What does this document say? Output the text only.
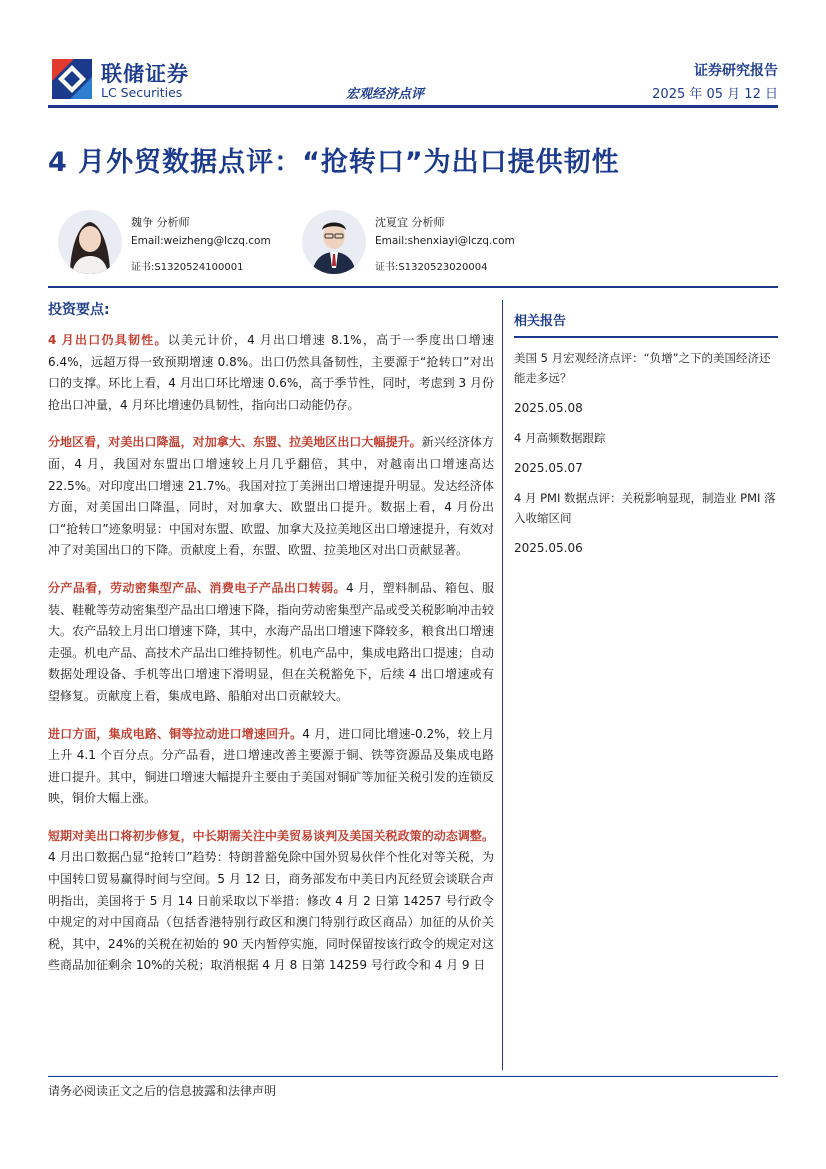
联储证券
LC Securities	宏观经济点评
证券研究报告
2025 年 05 月 12 日
4 月外贸数据点评：“抢转口”为出口提供韧性
魏争 分析师
Email:weizheng@lczq.com
证书:S1320524100001
沈夏宜 分析师
Email:shenxiayi@lczq.com
证书:S1320523020004
投资要点:

4 月出口仍具韧性。以美元计价，4 月出口增速 8.1%，高于一季度出口增速 6.4%，远超万得一致预期增速 0.8%。出口仍然具备韧性，主要源于“抢转口”对出口的支撑。环比上看，4 月出口环比增速 0.6%，高于季节性，同时，考虑到 3 月份抢出口冲量，4 月环比增速仍具韧性，指向出口动能仍存。

分地区看，对美出口降温，对加拿大、东盟、拉美地区出口大幅提升。新兴经济体方面，4 月，我国对东盟出口增速较上月几乎翻倍，其中，对越南出口增速高达 22.5%。对印度出口增速 21.7%。我国对拉丁美洲出口增速提升明显。发达经济体方面，对美国出口降温，同时，对加拿大、欧盟出口提升。数据上看，4 月份出口“抢转口”迹象明显：中国对东盟、欧盟、加拿大及拉美地区出口增速提升，有效对冲了对美国出口的下降。贡献度上看，东盟、欧盟、拉美地区对出口贡献显著。

分产品看，劳动密集型产品、消费电子产品出口转弱。4 月，塑料制品、箱包、服装、鞋靴等劳动密集型产品出口增速下降，指向劳动密集型产品或受关税影响冲击较大。农产品较上月出口增速下降，其中，水海产品出口增速下降较多，粮食出口增速走强。机电产品、高技术产品出口维持韧性。机电产品中，集成电路出口提速；自动数据处理设备、手机等出口增速下滑明显，但在关税豁免下，后续 4 出口增速或有望修复。贡献度上看，集成电路、船舶对出口贡献较大。

进口方面，集成电路、铜等拉动进口增速回升。4 月，进口同比增速-0.2%，较上月上升 4.1 个百分点。分产品看，进口增速改善主要源于铜、铁等资源品及集成电路进口提升。其中，铜进口增速大幅提升主要由于美国对铜矿等加征关税引发的连锁反映，铜价大幅上涨。

短期对美出口将初步修复，中长期需关注中美贸易谈判及美国关税政策的动态调整。4 月出口数据凸显“抢转口”趋势：特朗普豁免除中国外贸易伙伴个性化对等关税，为中国转口贸易赢得时间与空间。5 月 12 日，商务部发布中美日内瓦经贸会谈联合声明指出，美国将于 5 月 14 日前采取以下举措：修改 4 月 2 日第 14257 号行政令中规定的对中国商品（包括香港特别行政区和澳门特别行政区商品）加征的从价关税，其中，24%的关税在初始的 90 天内暂停实施，同时保留按该行政令的规定对这些商品加征剩余 10%的关税；取消根据 4 月 8 日第 14259 号行政令和 4 月 9 日

相关报告
美国 5 月宏观经济点评：“负增”之下的美国经济还能走多远？
2025.05.08
4 月高频数据跟踪
2025.05.07
4 月 PMI 数据点评：关税影响显现，制造业 PMI 落入收缩区间
2025.05.06
请务必阅读正文之后的信息披露和法律声明
